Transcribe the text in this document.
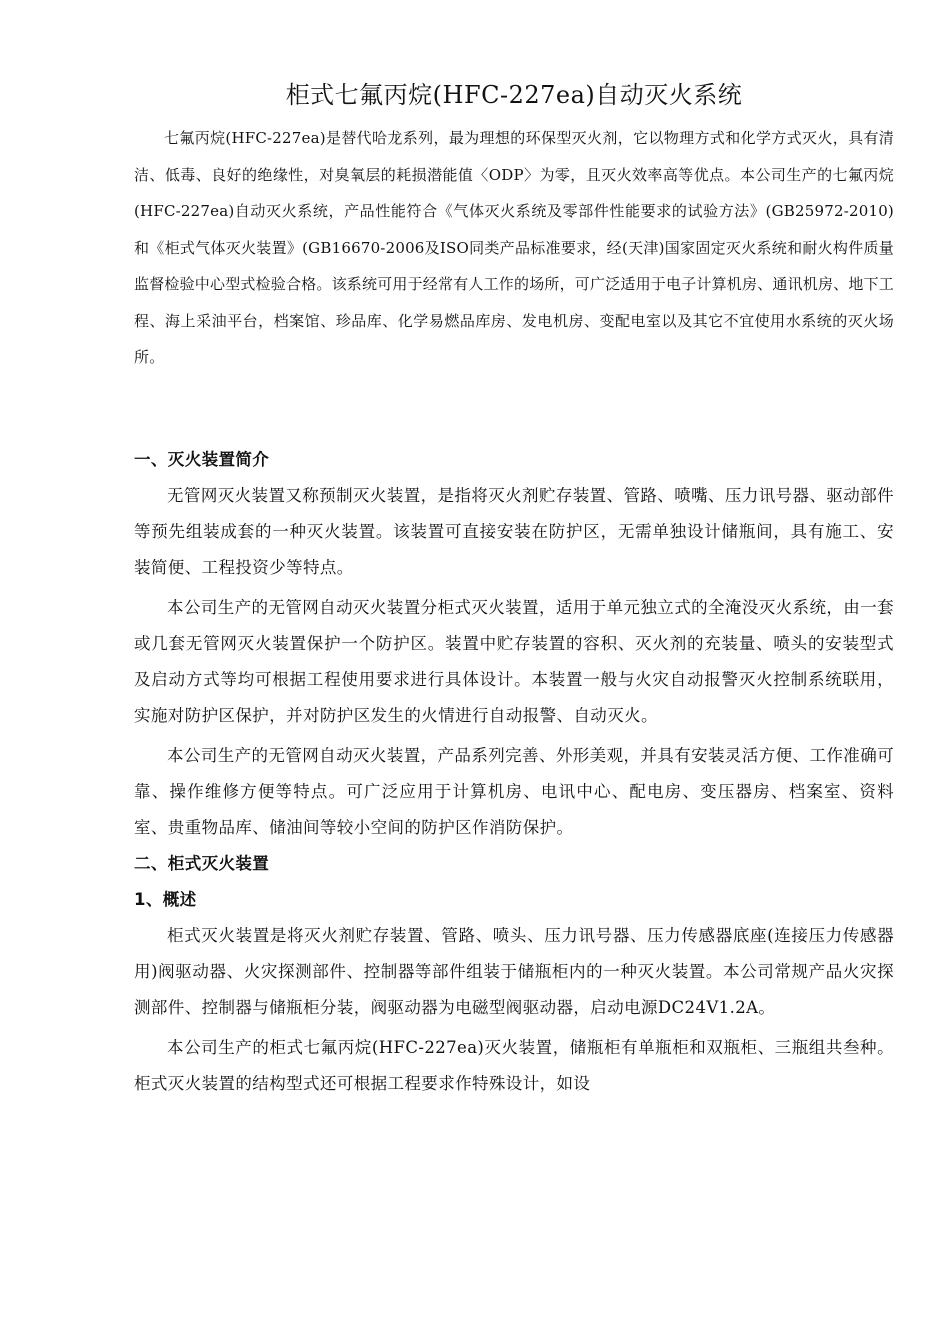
柜式七氟丙烷(HFC-227ea)自动灭火系统

七氟丙烷(HFC-227ea)是替代哈龙系列，最为理想的环保型灭火剂，它以物理方式和化学方式灭火，具有清洁、低毒、良好的绝缘性，对臭氧层的耗损潜能值〈ODP〉为零，且灭火效率高等优点。本公司生产的七氟丙烷(HFC-227ea)自动灭火系统，产品性能符合《气体灭火系统及零部件性能要求的试验方法》(GB25972-2010)和《柜式气体灭火装置》(GB16670-2006及ISO同类产品标准要求，经(天津)国家固定灭火系统和耐火构件质量监督检验中心型式检验合格。该系统可用于经常有人工作的场所，可广泛适用于电子计算机房、通讯机房、地下工程、海上采油平台，档案馆、珍品库、化学易燃品库房、发电机房、变配电室以及其它不宜使用水系统的灭火场所。

一、灭火装置简介

无管网灭火装置又称预制灭火装置，是指将灭火剂贮存装置、管路、喷嘴、压力讯号器、驱动部件等预先组装成套的一种灭火装置。该装置可直接安装在防护区，无需单独设计储瓶间，具有施工、安装简便、工程投资少等特点。

本公司生产的无管网自动灭火装置分柜式灭火装置，适用于单元独立式的全淹没灭火系统，由一套或几套无管网灭火装置保护一个防护区。装置中贮存装置的容积、灭火剂的充装量、喷头的安装型式及启动方式等均可根据工程使用要求进行具体设计。本装置一般与火灾自动报警灭火控制系统联用，实施对防护区保护，并对防护区发生的火情进行自动报警、自动灭火。

本公司生产的无管网自动灭火装置，产品系列完善、外形美观，并具有安装灵活方便、工作准确可靠、操作维修方便等特点。可广泛应用于计算机房、电讯中心、配电房、变压器房、档案室、资料室、贵重物品库、储油间等较小空间的防护区作消防保护。

二、柜式灭火装置
1、概述

柜式灭火装置是将灭火剂贮存装置、管路、喷头、压力讯号器、压力传感器底座(连接压力传感器用)阀驱动器、火灾探测部件、控制器等部件组装于储瓶柜内的一种灭火装置。本公司常规产品火灾探测部件、控制器与储瓶柜分装，阀驱动器为电磁型阀驱动器，启动电源DC24V1.2A。

本公司生产的柜式七氟丙烷(HFC-227ea)灭火装置，储瓶柜有单瓶柜和双瓶柜、三瓶组共叁种。柜式灭火装置的结构型式还可根据工程要求作特殊设计，如设
